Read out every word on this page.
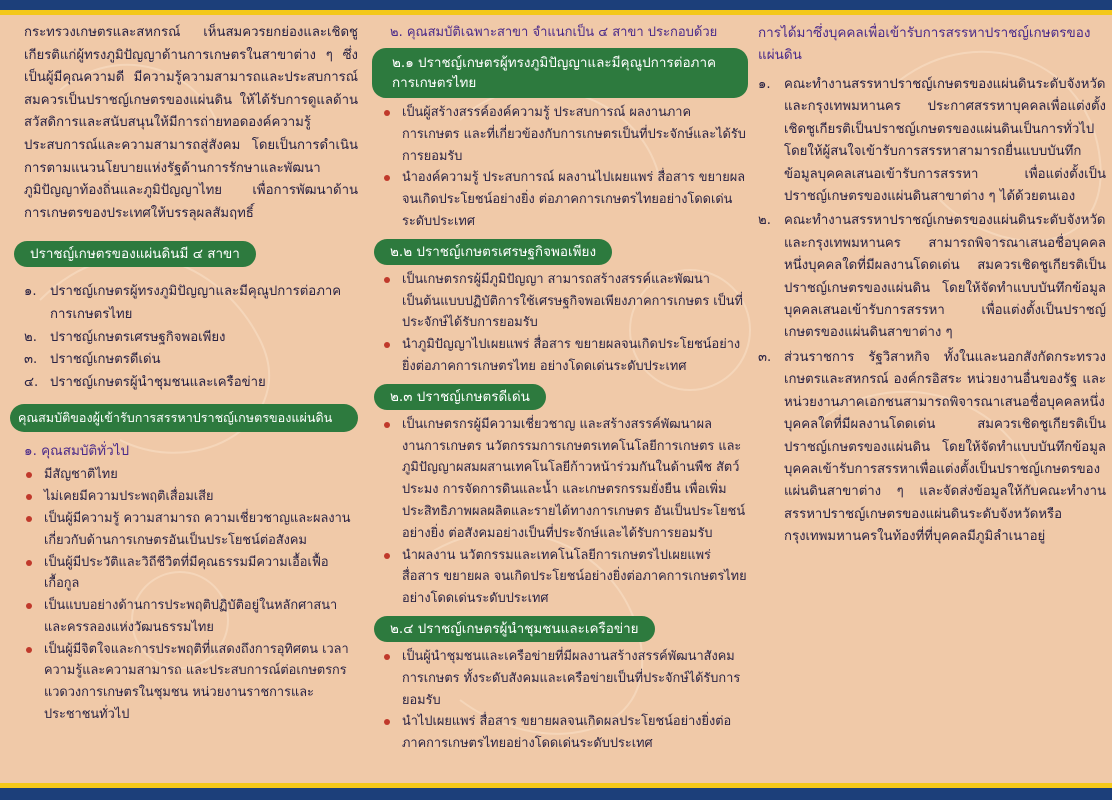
กระทรวงเกษตรและสหกรณ์ เห็นสมควรยกย่องและเชิดชูเกียรติแก่ผู้ทรงภูมิปัญญาด้านการเกษตรในสาขาต่าง ๆ ซึ่งเป็นผู้มีคุณความดี มีความรู้ความสามารถและประสบการณ์สมควรเป็นปราชญ์เกษตรของแผ่นดิน ให้ได้รับการดูแลด้านสวัสดิการและสนับสนุนให้มีการถ่ายทอดองค์ความรู้ ประสบการณ์และความสามารถสู่สังคม โดยเป็นการดำเนินการตามแนวนโยบายแห่งรัฐด้านการรักษาและพัฒนาภูมิปัญญาท้องถิ่นและภูมิปัญญาไทย เพื่อการพัฒนาด้านการเกษตรของประเทศให้บรรลุผลสัมฤทธิ์

ปราชญ์เกษตรของแผ่นดินมี ๔ สาขา
๑.	ปราชญ์เกษตรผู้ทรงภูมิปัญญาและมีคุณูปการต่อภาคการเกษตรไทย
๒. ปราชญ์เกษตรเศรษฐกิจพอเพียง
๓. ปราชญ์เกษตรดีเด่น
๔. ปราชญ์เกษตรผู้นำชุมชนและเครือข่าย
คุณสมบัติของผู้เข้ารับการสรรหาปราชญ์เกษตรของแผ่นดิน
๑. คุณสมบัติทั่วไป
มีสัญชาติไทย
ไม่เคยมีความประพฤติเสื่อมเสีย
เป็นผู้มีความรู้ ความสามารถ ความเชี่ยวชาญและผลงานเกี่ยวกับด้านการเกษตรอันเป็นประโยชน์ต่อสังคม
เป็นผู้มีประวัติและวิถีชีวิตที่มีคุณธรรมมีความเอื้อเฟื้อเกื้อกูล
เป็นแบบอย่างด้านการประพฤติปฏิบัติอยู่ในหลักศาสนาและครรลองแห่งวัฒนธรรมไทย
เป็นผู้มีจิตใจและการประพฤติที่แสดงถึงการอุทิศตน เวลา ความรู้และความสามารถ และประสบการณ์ต่อเกษตรกร แวดวงการเกษตรในชุมชน หน่วยงานราชการและประชาชนทั่วไป
๒. คุณสมบัติเฉพาะสาขา จำแนกเป็น ๔ สาขา ประกอบด้วย
๒.๑ ปราชญ์เกษตรผู้ทรงภูมิปัญญาและมีคุณูปการต่อภาคการเกษตรไทย
เป็นผู้สร้างสรรค์องค์ความรู้ ประสบการณ์ ผลงานภาคการเกษตร และที่เกี่ยวข้องกับการเกษตรเป็นที่ประจักษ์และได้รับการยอมรับ
นำองค์ความรู้ ประสบการณ์ ผลงานไปเผยแพร่ สื่อสาร ขยายผลจนเกิดประโยชน์อย่างยิ่ง ต่อภาคการเกษตรไทยอย่างโดดเด่นระดับประเทศ
๒.๒ ปราชญ์เกษตรเศรษฐกิจพอเพียง
เป็นเกษตรกรผู้มีภูมิปัญญา สามารถสร้างสรรค์และพัฒนาเป็นต้นแบบปฏิบัติการใช้เศรษฐกิจพอเพียงภาคการเกษตร เป็นที่ประจักษ์ได้รับการยอมรับ
นำภูมิปัญญาไปเผยแพร่ สื่อสาร ขยายผลจนเกิดประโยชน์อย่างยิ่งต่อภาคการเกษตรไทย อย่างโดดเด่นระดับประเทศ
๒.๓ ปราชญ์เกษตรดีเด่น
เป็นเกษตรกรผู้มีความเชี่ยวชาญ และสร้างสรรค์พัฒนาผลงานการเกษตร นวัตกรรมการเกษตรเทคโนโลยีการเกษตร และภูมิปัญญาผสมผสานเทคโนโลยีก้าวหน้าร่วมกันในด้านพืช สัตว์ ประมง การจัดการดินและน้ำ และเกษตรกรรมยั่งยืน เพื่อเพิ่มประสิทธิภาพผลผลิตและรายได้ทางการเกษตร อันเป็นประโยชน์อย่างยิ่ง ต่อสังคมอย่างเป็นที่ประจักษ์และได้รับการยอมรับ
นำผลงาน นวัตกรรมและเทคโนโลยีการเกษตรไปเผยแพร่ สื่อสาร ขยายผล จนเกิดประโยชน์อย่างยิ่งต่อภาคการเกษตรไทยอย่างโดดเด่นระดับประเทศ
๒.๔ ปราชญ์เกษตรผู้นำชุมชนและเครือข่าย
เป็นผู้นำชุมชนและเครือข่ายที่มีผลงานสร้างสรรค์พัฒนาสังคมการเกษตร ทั้งระดับสังคมและเครือข่ายเป็นที่ประจักษ์ได้รับการยอมรับ
นำไปเผยแพร่ สื่อสาร ขยายผลจนเกิดผลประโยชน์อย่างยิ่งต่อภาคการเกษตรไทยอย่างโดดเด่นระดับประเทศ
การได้มาซึ่งบุคคลเพื่อเข้ารับการสรรหาปราชญ์เกษตรของแผ่นดิน
๑.	คณะทำงานสรรหาปราชญ์เกษตรของแผ่นดินระดับจังหวัดและกรุงเทพมหานคร ประกาศสรรหาบุคคลเพื่อแต่งตั้งเชิดชูเกียรติเป็นปราชญ์เกษตรของแผ่นดินเป็นการทั่วไป โดยให้ผู้สนใจเข้ารับการสรรหาสามารถยื่นแบบบันทึกข้อมูลบุคคลเสนอเข้ารับการสรรหา เพื่อแต่งตั้งเป็นปราชญ์เกษตรของแผ่นดินสาขาต่าง ๆ ได้ด้วยตนเอง
๒. คณะทำงานสรรหาปราชญ์เกษตรของแผ่นดินระดับจังหวัดและกรุงเทพมหานคร สามารถพิจารณาเสนอชื่อบุคคลหนึ่งบุคคลใดที่มีผลงานโดดเด่น สมควรเชิดชูเกียรติเป็นปราชญ์เกษตรของแผ่นดิน โดยให้จัดทำแบบบันทึกข้อมูลบุคคลเสนอเข้ารับการสรรหา เพื่อแต่งตั้งเป็นปราชญ์เกษตรของแผ่นดินสาขาต่าง ๆ
๓. ส่วนราชการ รัฐวิสาหกิจ ทั้งในและนอกสังกัดกระทรวงเกษตรและสหกรณ์ องค์กรอิสระ หน่วยงานอื่นของรัฐ และหน่วยงานภาคเอกชนสามารถพิจารณาเสนอชื่อบุคคลหนึ่งบุคคลใดที่มีผลงานโดดเด่น สมควรเชิดชูเกียรติเป็นปราชญ์เกษตรของแผ่นดิน โดยให้จัดทำแบบบันทึกข้อมูลบุคคลเข้ารับการสรรหาเพื่อแต่งตั้งเป็นปราชญ์เกษตรของแผ่นดินสาขาต่าง ๆ และจัดส่งข้อมูลให้กับคณะทำงานสรรหาปราชญ์เกษตรของแผ่นดินระดับจังหวัดหรือกรุงเทพมหานครในท้องที่ที่บุคคลมีภูมิลำเนาอยู่
